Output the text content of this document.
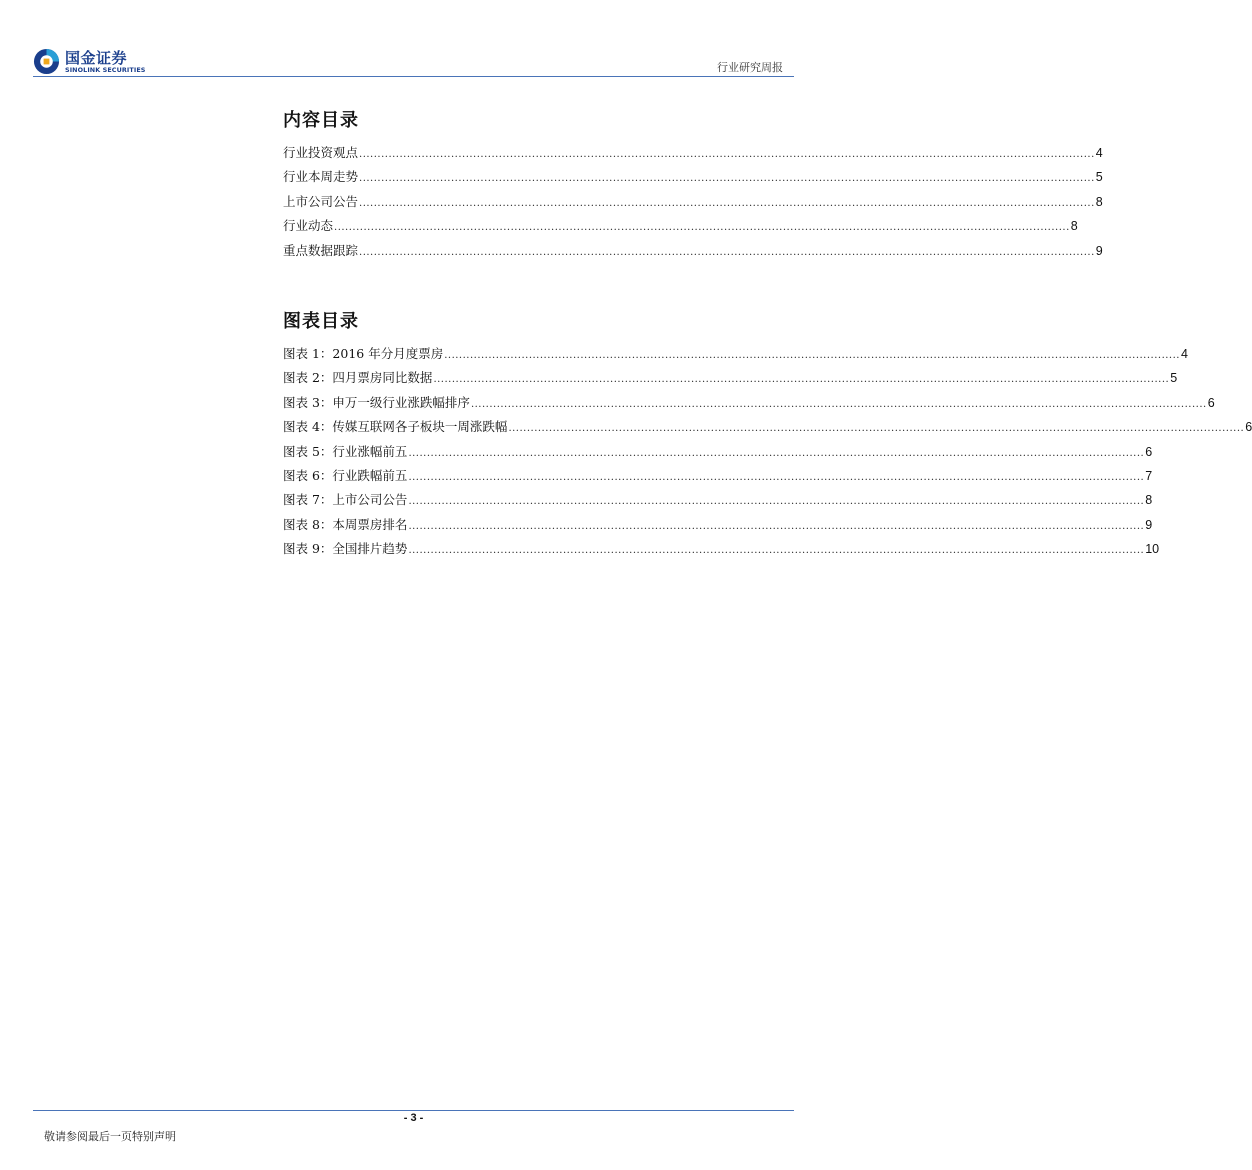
国金证券
SINOLINK SECURITIES	行业研究周报
内容目录
行业投资观点 ........................................................................................................................................................................................................ 4
行业本周走势 ........................................................................................................................................................................................................ 5
上市公司公告 ........................................................................................................................................................................................................ 8
行业动态 ........................................................................................................................................................................................................ 8
重点数据跟踪 ........................................................................................................................................................................................................ 9
图表目录
图表 1：2016 年分月度票房 ........................................................................................................................................................................................................ 4
图表 2：四月票房同比数据 ........................................................................................................................................................................................................ 5
图表 3：申万一级行业涨跌幅排序 ........................................................................................................................................................................................................ 6
图表 4：传媒互联网各子板块一周涨跌幅 ........................................................................................................................................................................................................ 6
图表 5：行业涨幅前五 ........................................................................................................................................................................................................ 6
图表 6：行业跌幅前五 ........................................................................................................................................................................................................ 7
图表 7：上市公司公告 ........................................................................................................................................................................................................ 8
图表 8：本周票房排名 ........................................................................................................................................................................................................ 9
图表 9：全国排片趋势 ........................................................................................................................................................................................................ 10
- 3 -
敬请参阅最后一页特别声明
